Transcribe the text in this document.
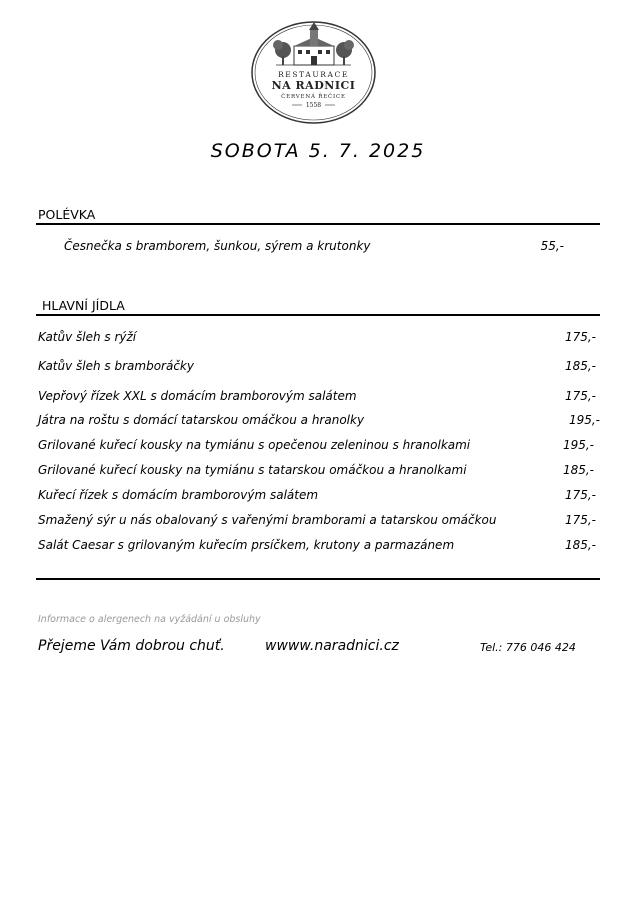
RESTAURACE
NA RADNICI
ČERVENÁ ŘEČICE
1558
SOBOTA 5. 7. 2025
POLÉVKA
Česnečka s bramborem, šunkou, sýrem a krutonky	55,-
HLAVNÍ JÍDLA
Katův šleh s rýží	175,-
Katův šleh s bramboráčky	185,-
Vepřový řízek XXL s domácím bramborovým salátem	175,-
Játra na roštu s domácí tatarskou omáčkou a hranolky	195,-
Grilované kuřecí kousky na tymiánu s opečenou zeleninou s hranolkami	195,-
Grilované kuřecí kousky na tymiánu s tatarskou omáčkou a hranolkami	185,-
Kuřecí řízek s domácím bramborovým salátem	175,-
Smažený sýr u nás obalovaný s vařenými bramborami a tatarskou omáčkou	175,-
Salát Caesar s grilovaným kuřecím prsíčkem, krutony a parmazánem	185,-
Informace o alergenech na vyžádání u obsluhy
Přejeme Vám dobrou chuť.	wwww.naradnici.cz	Tel.: 776 046 424
